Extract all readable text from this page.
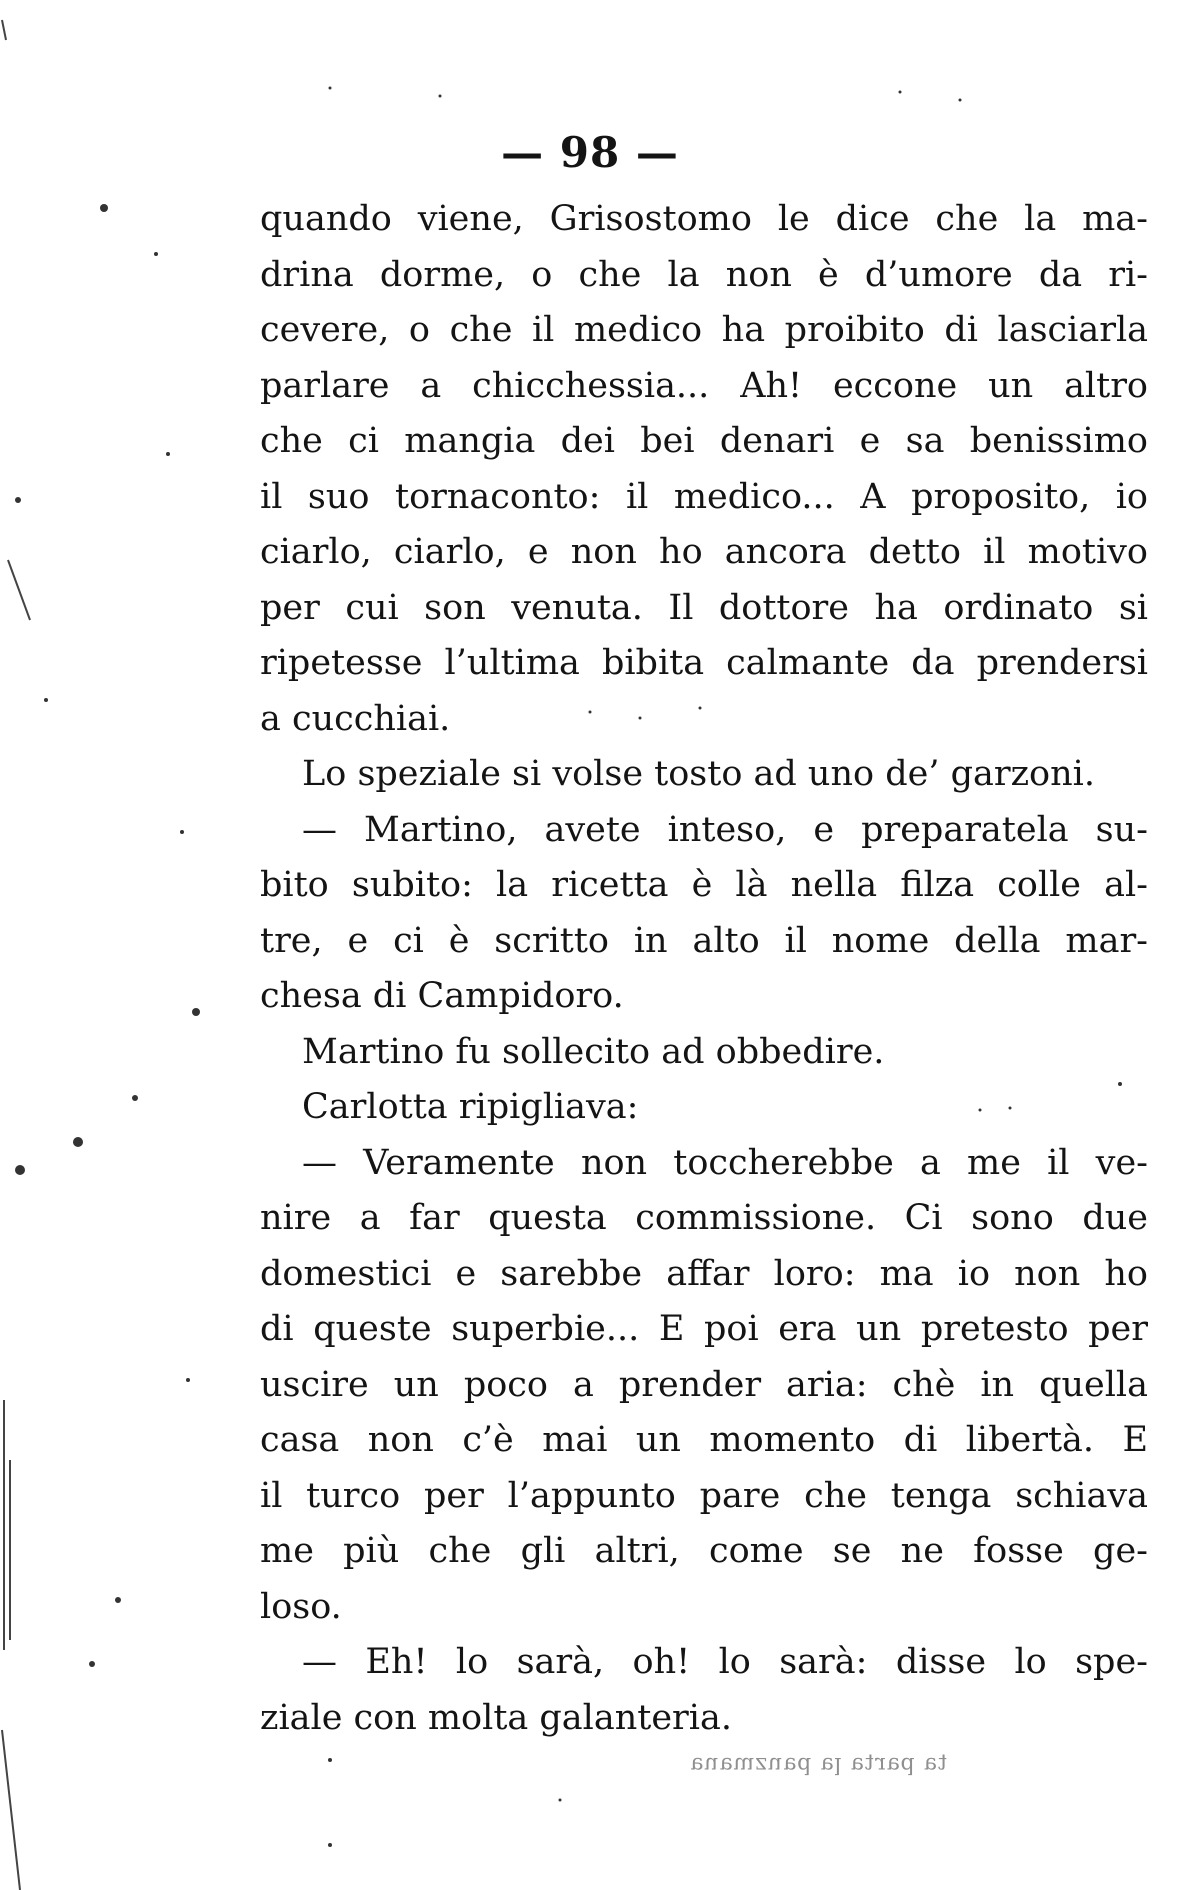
— 98 —
quando viene, Grisostomo le dice che la ma-
drina dorme, o che la non è d’umore da ri-
cevere, o che il medico ha proibito di lasciarla
parlare a chicchessia... Ah! eccone un altro
che ci mangia dei bei denari e sa benissimo
il suo tornaconto: il medico... A proposito, io
ciarlo, ciarlo, e non ho ancora detto il motivo
per cui son venuta. Il dottore ha ordinato si
ripetesse l’ultima bibita calmante da prendersi
a cucchiai.
Lo speziale si volse tosto ad uno de’ garzoni.
— Martino, avete inteso, e preparatela su-
bito subito: la ricetta è là nella filza colle al-
tre, e ci è scritto in alto il nome della mar-
chesa di Campidoro.
Martino fu sollecito ad obbedire.
Carlotta ripigliava:
— Veramente non toccherebbe a me il ve-
nire a far questa commissione. Ci sono due
domestici e sarebbe affar loro: ma io non ho
di queste superbie... E poi era un pretesto per
uscire un poco a prender aria: chè in quella
casa non c’è mai un momento di libertà. E
il turco per l’appunto pare che tenga schiava
me più che gli altri, come se ne fosse ge-
loso.
— Eh! lo sarà, oh! lo sarà: disse lo spe-
ziale con molta galanteria.
ɐuɐɯzuɐd ɐl ɐʇɹɐd ɐʇ
